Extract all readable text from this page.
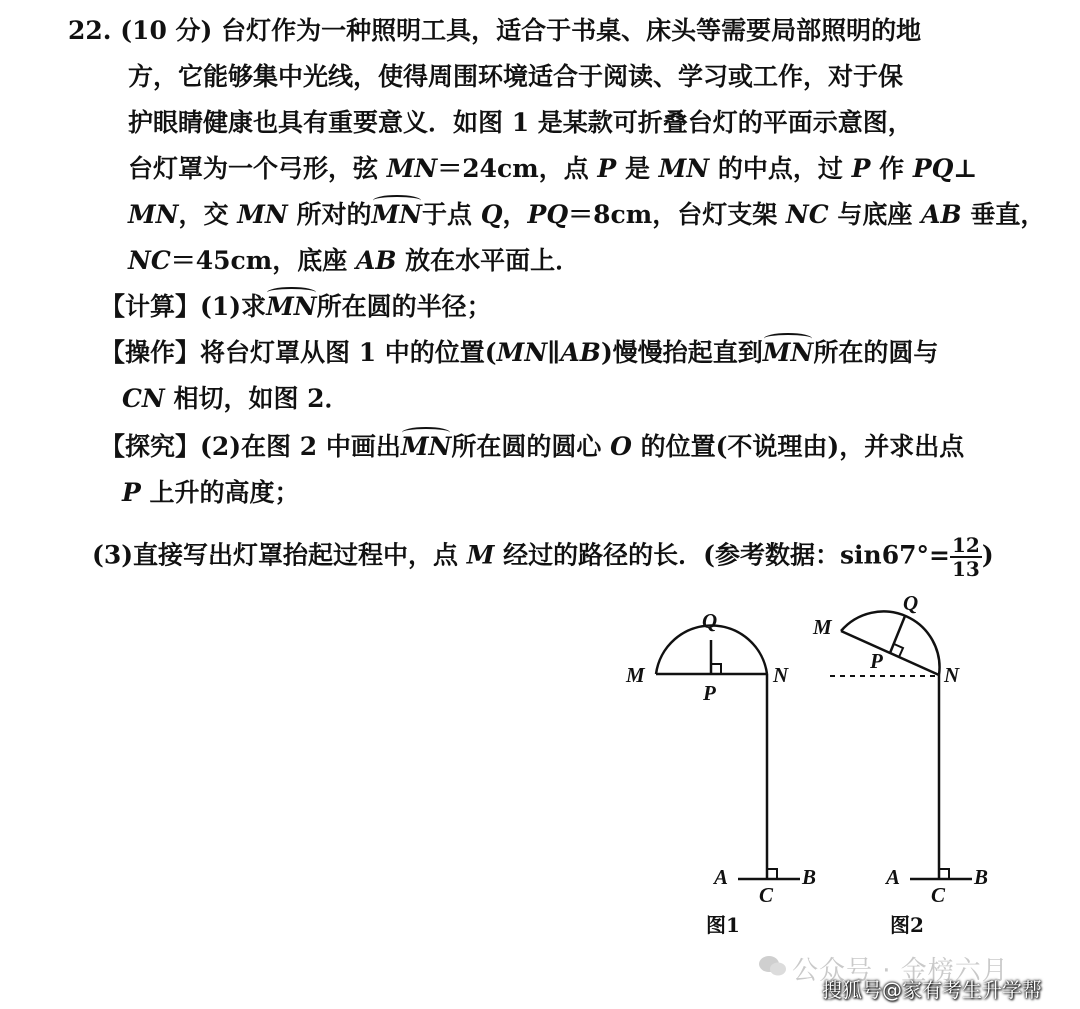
22. (10 分) 台灯作为一种照明工具，适合于书桌、床头等需要局部照明的地
方，它能够集中光线，使得周围环境适合于阅读、学习或工作，对于保
护眼睛健康也具有重要意义．如图 1 是某款可折叠台灯的平面示意图，
台灯罩为一个弓形，弦 MN＝24cm，点 P 是 MN 的中点，过 P 作 PQ⊥
MN，交 MN 所对的MN于点 Q，PQ＝8cm，台灯支架 NC 与底座 AB 垂直，
NC＝45cm，底座 AB 放在水平面上．
【计算】(1)求MN所在圆的半径；
【操作】将台灯罩从图 1 中的位置(MN∥AB)慢慢抬起直到MN所在的圆与
CN 相切，如图 2．
【探究】(2)在图 2 中画出MN所在圆的圆心 O 的位置(不说理由)，并求出点
P 上升的高度；
(3)直接写出灯罩抬起过程中，点 M 经过的路径的长．(参考数据：$\sin 67^\circ= \frac{12}{13}$ )
Q
M	N
P
A	B
C
图1
Q
M
N
P
A	B
C
图2
公众号 · 金榜六月
搜狐号@家有考生升学帮
